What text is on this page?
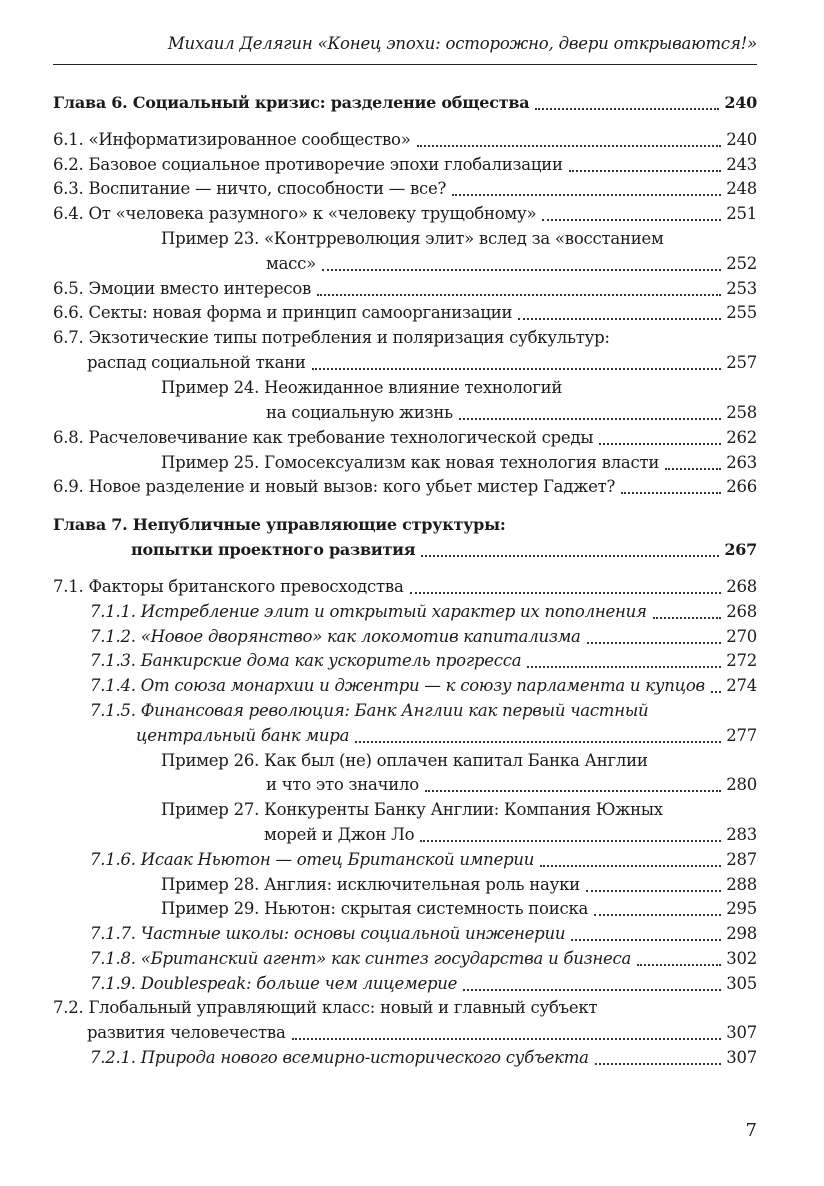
Михаил Делягин «Конец эпохи: осторожно, двери открываются!»
Глава 6. Социальный кризис: разделение общества	240
6.1. «Информатизированное сообщество»	240
6.2. Базовое социальное противоречие эпохи глобализации	243
6.3. Воспитание — ничто, способности — все?	248
6.4. От «человека разумного» к «человеку трущобному»	251
Пример 23. «Контрреволюция элит» вслед за «восстанием
масс»	252
6.5. Эмоции вместо интересов	253
6.6. Секты: новая форма и принцип самоорганизации	255
6.7. Экзотические типы потребления и поляризация субкультур:
распад социальной ткани	257
Пример 24. Неожиданное влияние технологий
на социальную жизнь	258
6.8. Расчеловечивание как требование технологической среды	262
Пример 25. Гомосексуализм как новая технология власти	263
6.9. Новое разделение и новый вызов: кого убьет мистер Гаджет?	266
Глава 7. Непубличные управляющие структуры:
попытки проектного развития	267
7.1. Факторы британского превосходства	268
7.1.1. Истребление элит и открытый характер их пополнения	268
7.1.2. «Новое дворянство» как локомотив капитализма	270
7.1.3. Банкирские дома как ускоритель прогресса	272
7.1.4. От союза монархии и джентри — к союзу парламента и купцов 274
7.1.5. Финансовая революция: Банк Англии как первый частный
центральный банк мира	277
Пример 26. Как был (не) оплачен капитал Банка Англии
и что это значило	280
Пример 27. Конкуренты Банку Англии: Компания Южных
морей и Джон Ло	283
7.1.6. Исаак Ньютон — отец Британской империи	287
Пример 28. Англия: исключительная роль науки	288
Пример 29. Ньютон: скрытая системность поиска	295
7.1.7. Частные школы: основы социальной инженерии	298
7.1.8. «Британский агент» как синтез государства и бизнеса	302
7.1.9. Doublespeak: больше чем лицемерие	305
7.2. Глобальный управляющий класс: новый и главный субъект
развития человечества	307
7.2.1. Природа нового всемирно-исторического субъекта	307
7
